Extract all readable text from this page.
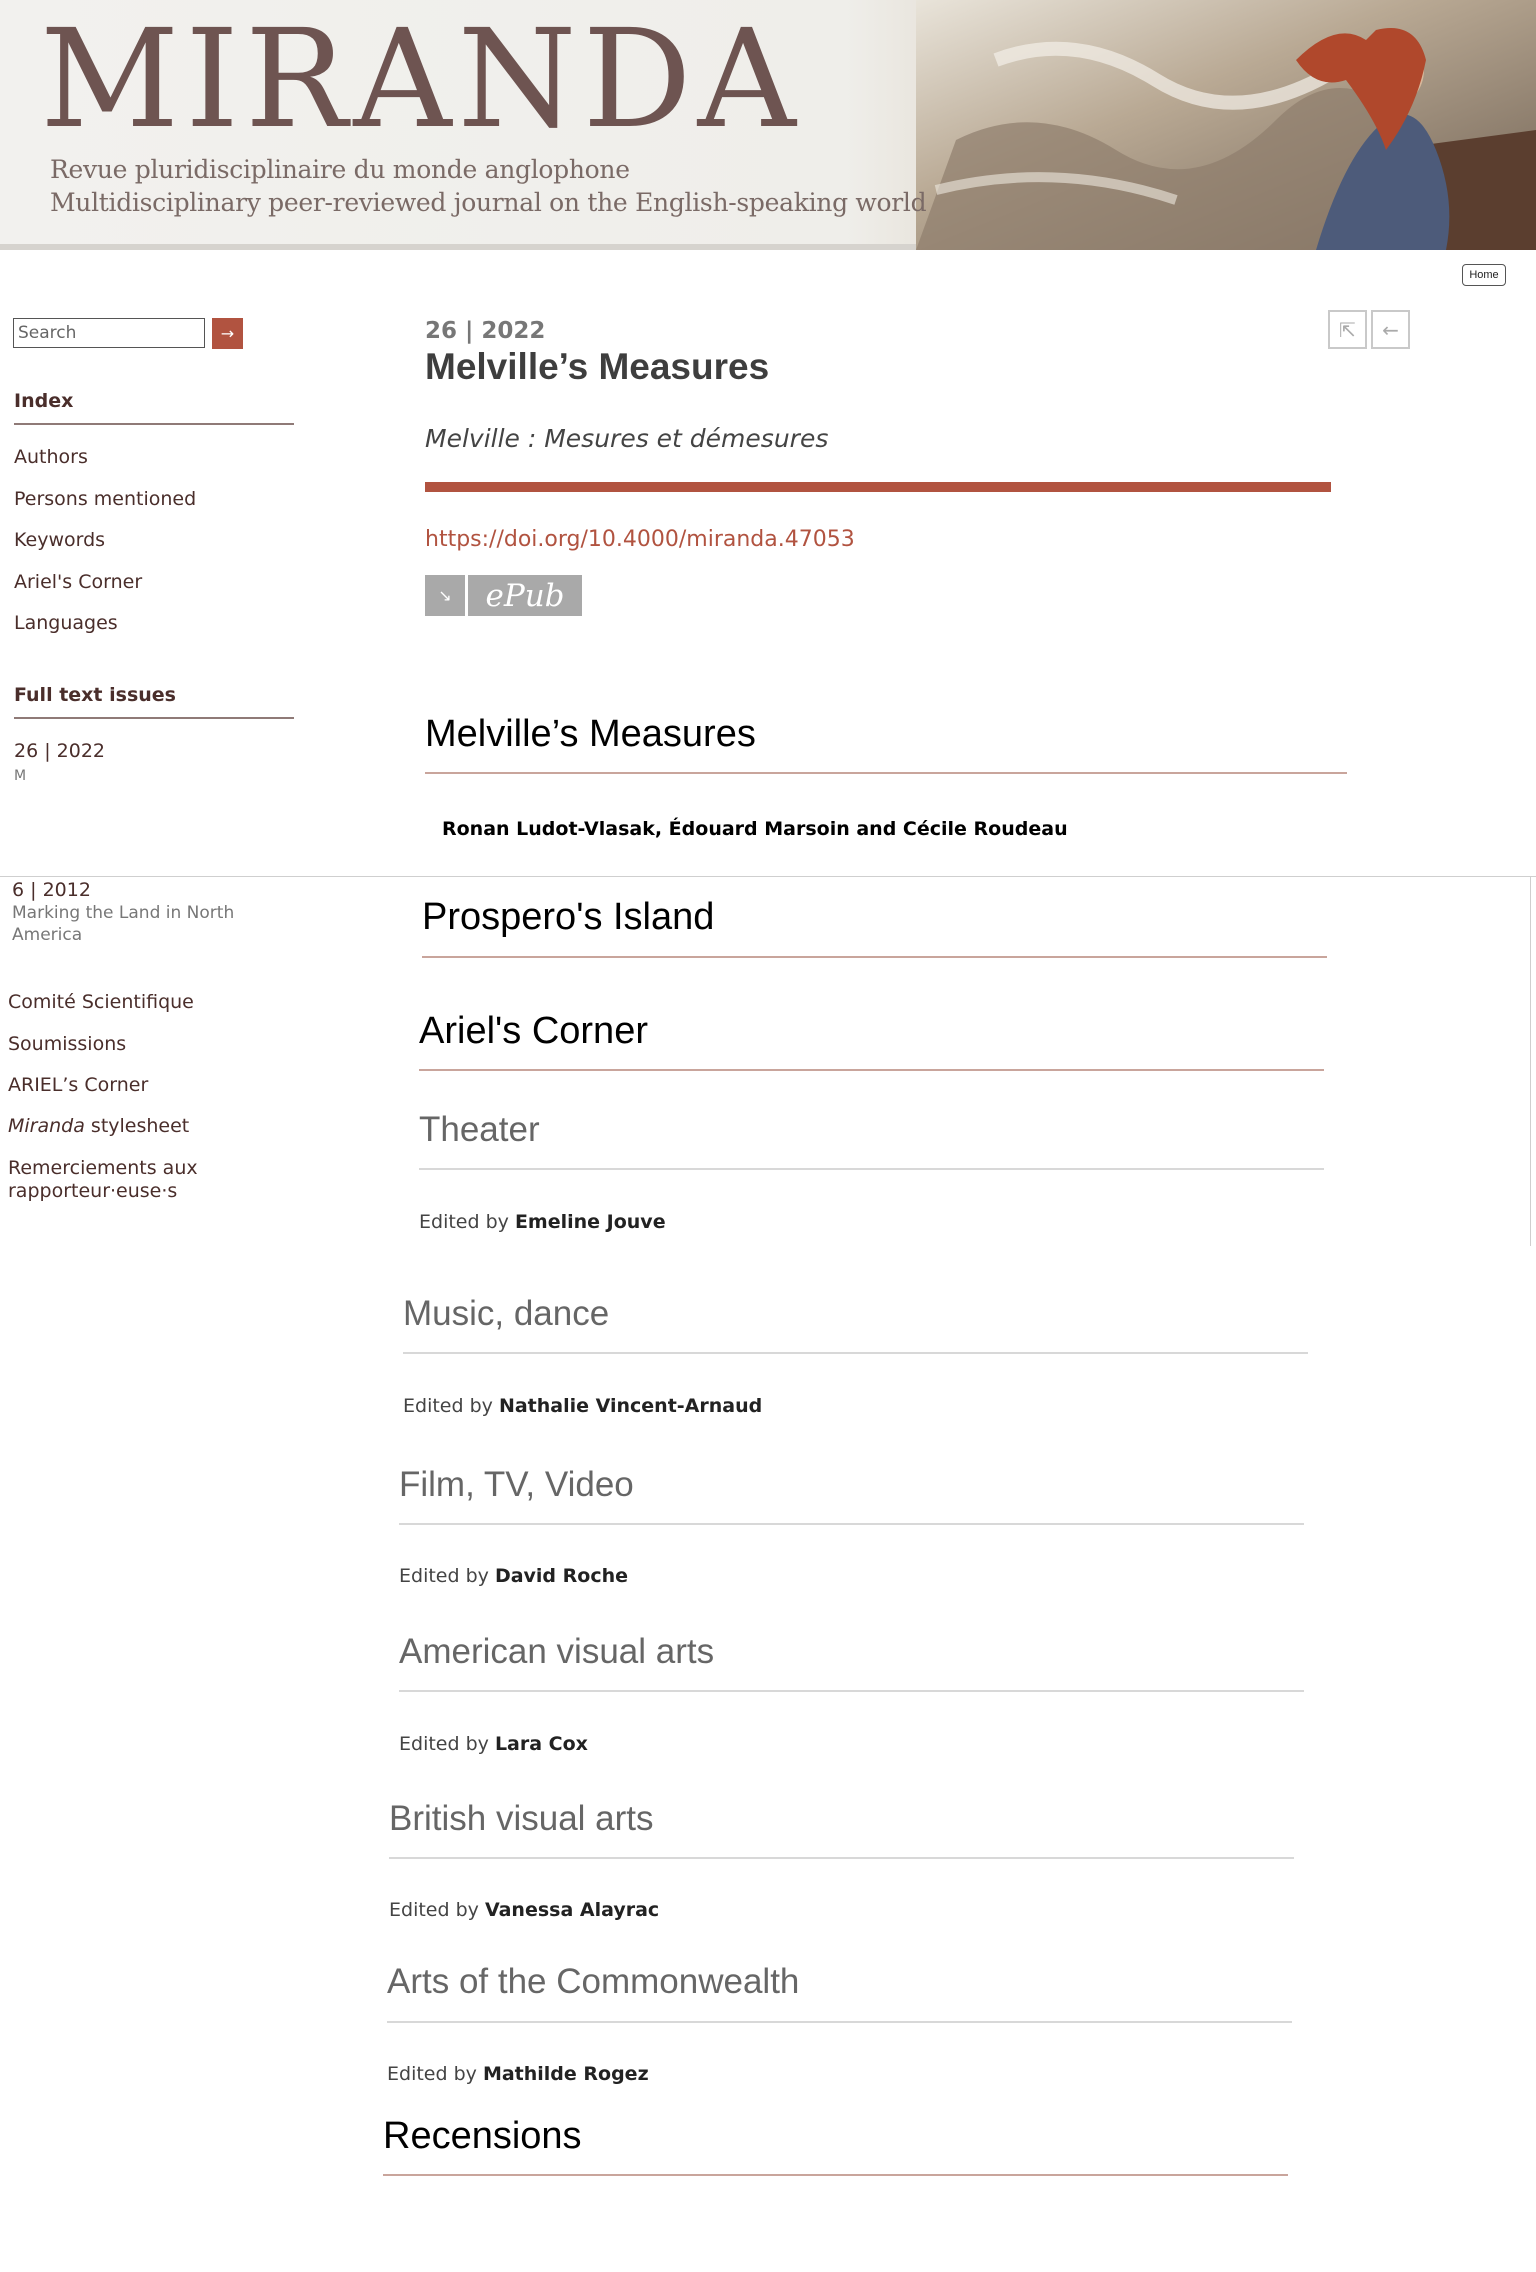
MIRANDA
Revue pluridisciplinaire du monde anglophone
Multidisciplinary peer-reviewed journal on the English-speaking world
Home
Search
→
Index
Authors
Persons mentioned
Keywords
Ariel's Corner
Languages
Full text issues
26 | 2022
M
6 | 2012
Marking the Land in North America
Comité Scientifique
Soumissions
ARIEL’s Corner
Miranda stylesheet
Remerciements aux rapporteur·euse·s
26 | 2022
Melville’s Measures
⇱ ←
Melville : Mesures et démesures
https://doi.org/10.4000/miranda.47053
↘	ePub
Melville’s Measures
Ronan Ludot-Vlasak, Édouard Marsoin and Cécile Roudeau
Prospero's Island
Ariel's Corner
Theater
Edited by Emeline Jouve
Music, dance
Edited by Nathalie Vincent-Arnaud
Film, TV, Video
Edited by David Roche
American visual arts
Edited by Lara Cox
British visual arts
Edited by Vanessa Alayrac
Arts of the Commonwealth
Edited by Mathilde Rogez
Recensions
